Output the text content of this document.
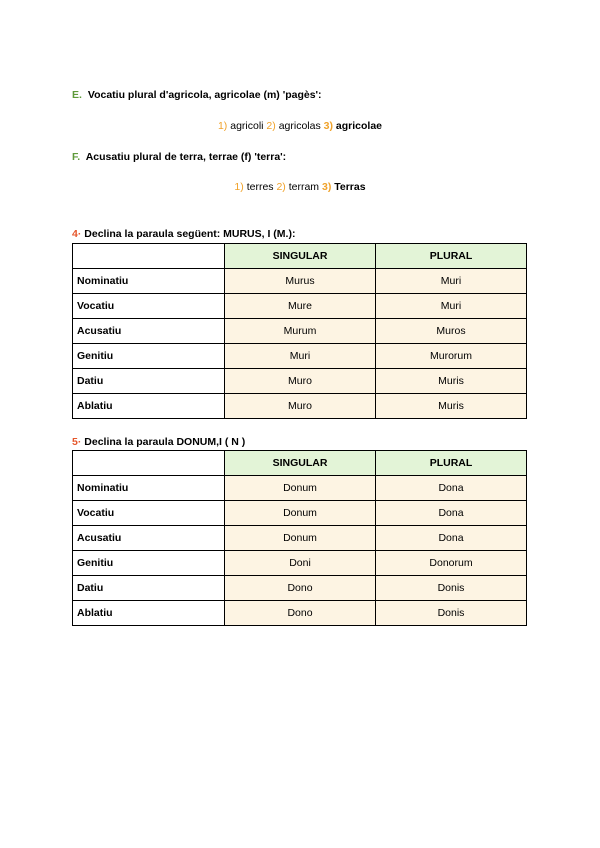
E. Vocatiu plural d'agricola, agricolae (m) 'pagès':
1) agricoli 2) agricolas 3) agricolae
F. Acusatiu plural de terra, terrae (f) 'terra':
1) terres 2) terram 3) Terras
4· Declina la paraula següent: MURUS, I (M.):
	SINGULAR	PLURAL
Nominatiu	Murus	Muri
Vocatiu	Mure	Muri
Acusatiu	Murum	Muros
Genitiu	Muri	Murorum
Datiu	Muro	Muris
Ablatiu	Muro	Muris
5· Declina la paraula DONUM,I ( N )
	SINGULAR	PLURAL
Nominatiu	Donum	Dona
Vocatiu	Donum	Dona
Acusatiu	Donum	Dona
Genitiu	Doni	Donorum
Datiu	Dono	Donis
Ablatiu	Dono	Donis
